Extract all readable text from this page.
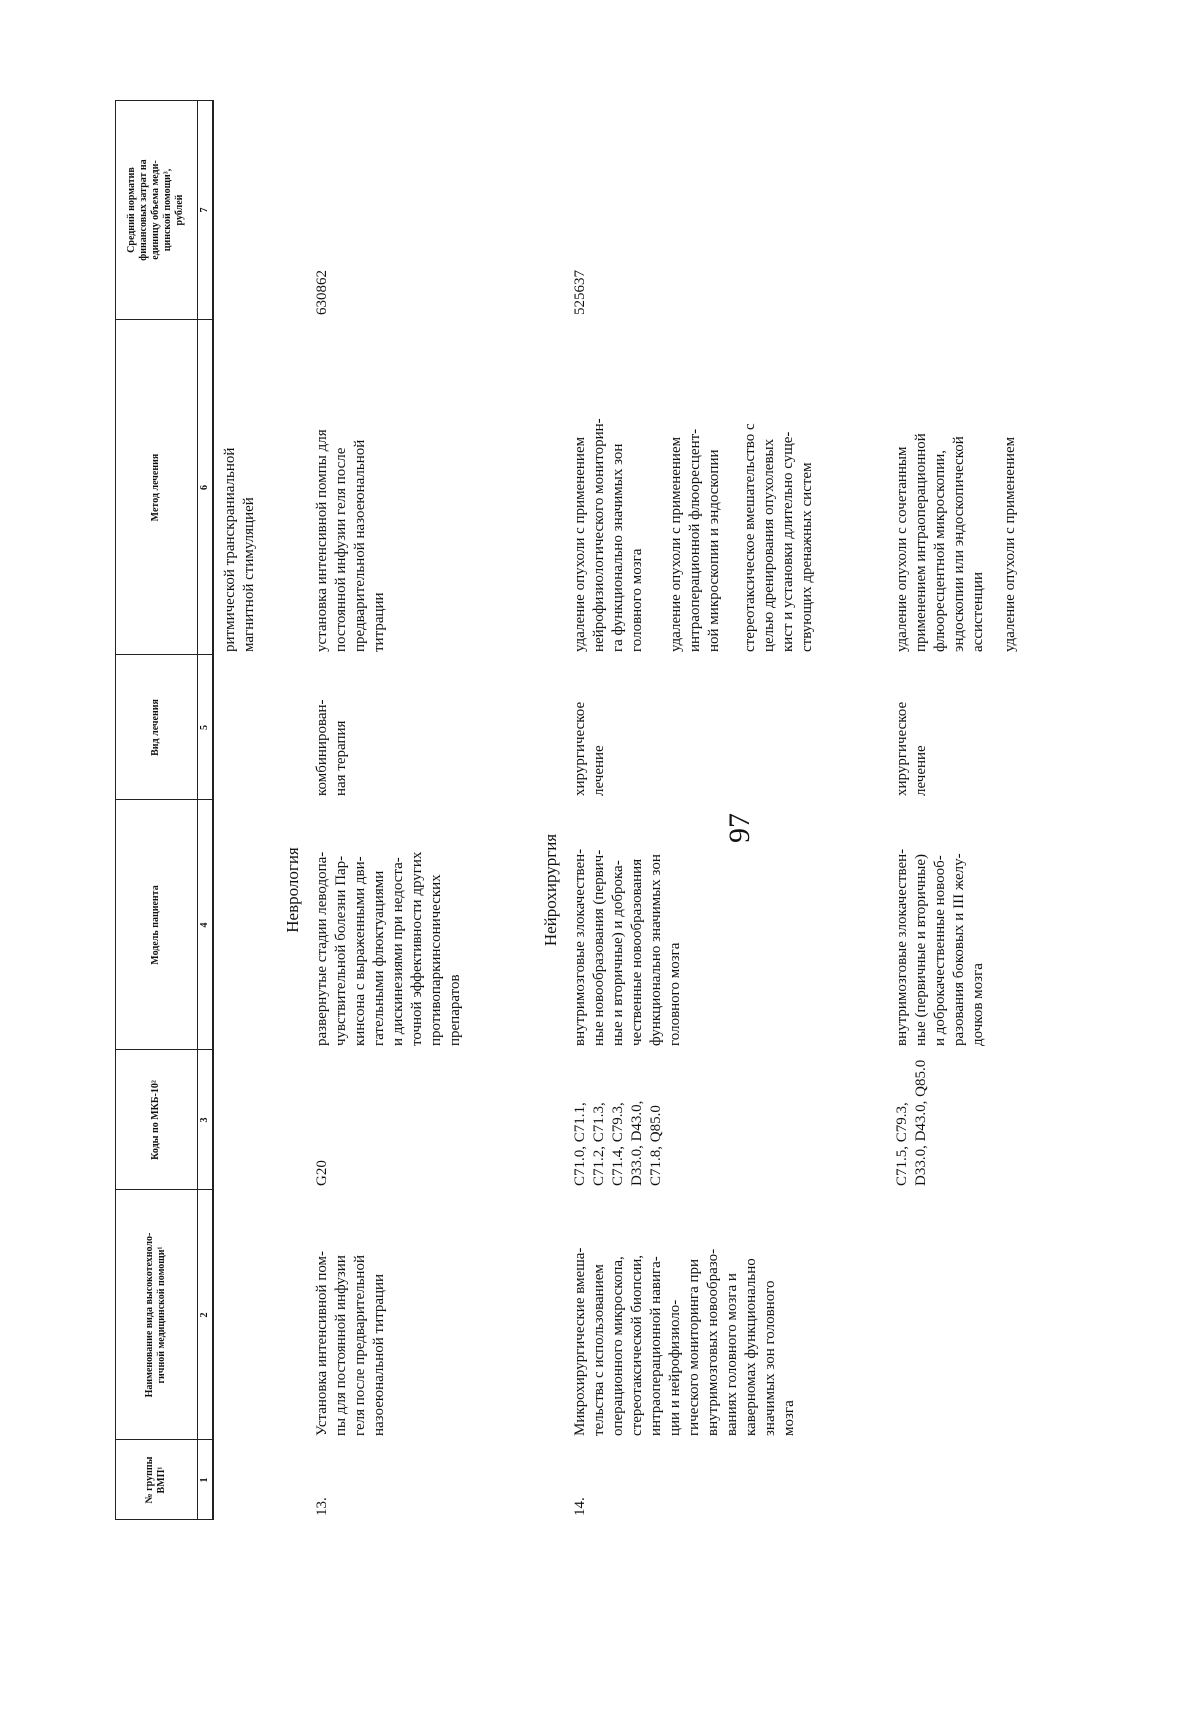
97
№ группы
ВМП¹
Наименование вида высокотехноло-
гичной медицинской помощи¹
Коды по МКБ-10²
Модель пациента
Вид лечения
Метод лечения
Средний норматив
финансовых затрат на
единицу объема меди-
цинской помощи³,
рублей
1
2
3
4
5
6
7
ритмической транскраниальной
магнитной стимуляцией
Неврология
13.
Установка интенсивной пом-
пы для постоянной инфузии
геля после предварительной
назоеюнальной титрации
G20
развернутые стадии леводопа-
чувствительной болезни Пар-
кинсона с выраженными дви-
гательными флюктуациями
и дискинезиями при недоста-
точной эффективности других
противопаркинсонических
препаратов
комбинирован-
ная терапия
установка интенсивной помпы для
постоянной инфузии геля после
предварительной назоеюнальной
титрации
630862
Нейрохирургия
14.
Микрохирургические вмеша-
тельства с использованием
операционного микроскопа,
стереотаксической биопсии,
интраоперационной навига-
ции и нейрофизиоло-
гического мониторинга при
внутримозговых новообразо-
ваниях головного мозга и
каверномах функционально
значимых зон головного
мозга
C71.0, C71.1,
C71.2, C71.3,
C71.4, C79.3,
D33.0, D43.0,
C71.8, Q85.0
внутримозговые злокачествен-
ные новообразования (первич-
ные и вторичные) и доброка-
чественные новообразования
функционально значимых зон
головного мозга
хирургическое
лечение
удаление опухоли с применением
нейрофизиологического мониторин-
га функционально значимых зон
головного мозга
удаление опухоли с применением
интраоперационной флюоресцент-
ной микроскопии и эндоскопии
стереотаксическое вмешательство с
целью дренирования опухолевых
кист и установки длительно суще-
ствующих дренажных систем
525637
C71.5, C79.3,
D33.0, D43.0, Q85.0
внутримозговые злокачествен-
ные (первичные и вторичные)
и доброкачественные новооб-
разования боковых и III желу-
дочков мозга
хирургическое
лечение
удаление опухоли с сочетанным
применением интраоперационной
флюоресцентной микроскопии,
эндоскопии или эндоскопической
ассистенции удаление опухоли с применением
